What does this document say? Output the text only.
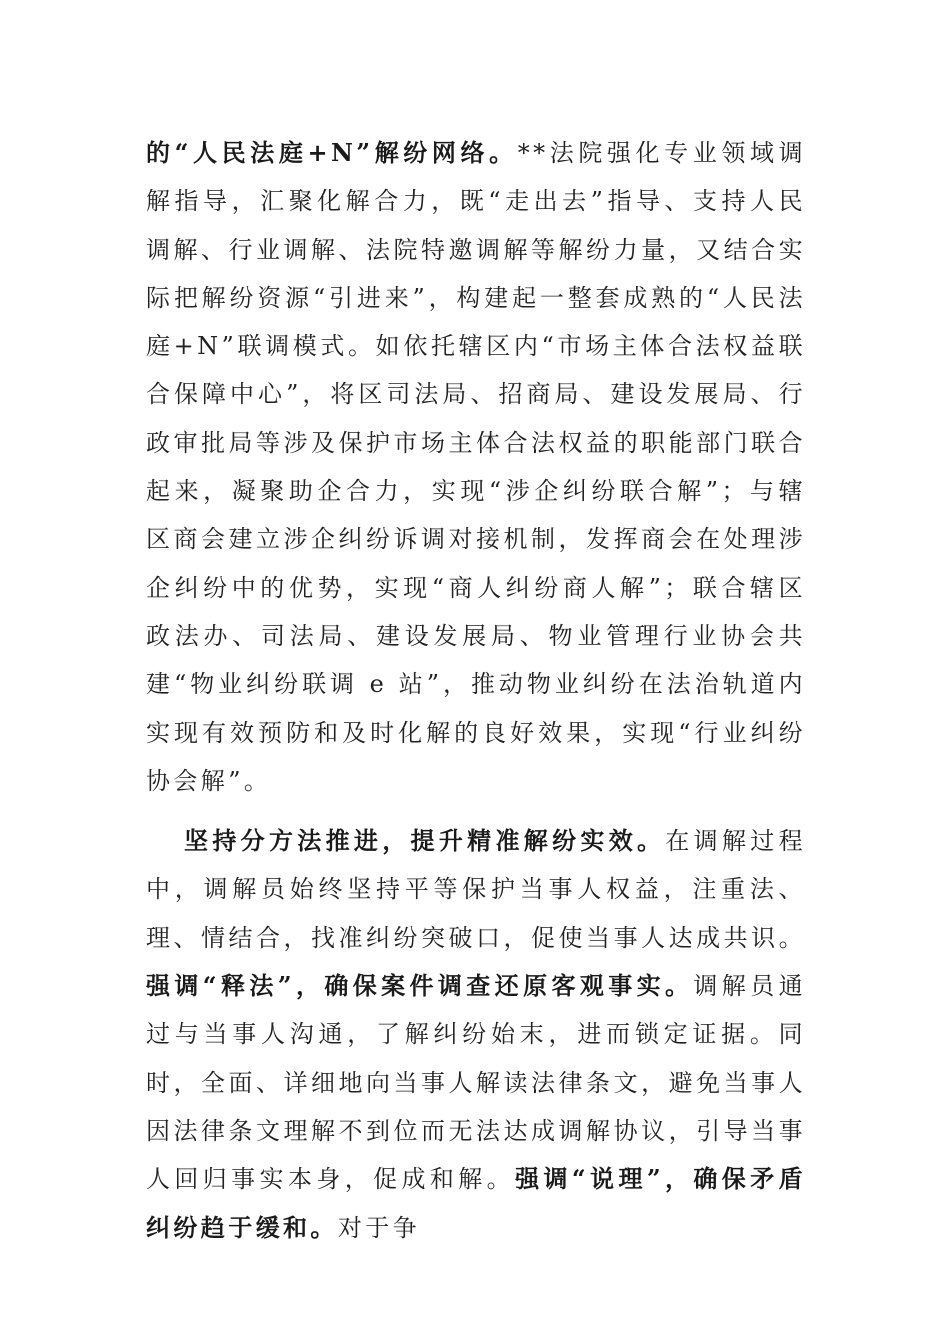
的“人民法庭+N”解纷网络。**法院强化专业领域调解指导，汇聚化解合力，既“走出去”指导、支持人民调解、行业调解、法院特邀调解等解纷力量，又结合实际把解纷资源“引进来”，构建起一整套成熟的“人民法庭+N”联调模式。如依托辖区内“市场主体合法权益联合保障中心”，将区司法局、招商局、建设发展局、行政审批局等涉及保护市场主体合法权益的职能部门联合起来，凝聚助企合力，实现“涉企纠纷联合解”；与辖区商会建立涉企纠纷诉调对接机制，发挥商会在处理涉企纠纷中的优势，实现“商人纠纷商人解”；联合辖区政法办、司法局、建设发展局、物业管理行业协会共建“物业纠纷联调 e 站”，推动物业纠纷在法治轨道内实现有效预防和及时化解的良好效果，实现“行业纠纷协会解”。

坚持分方法推进，提升精准解纷实效。在调解过程中，调解员始终坚持平等保护当事人权益，注重法、理、情结合，找准纠纷突破口，促使当事人达成共识。强调“释法”，确保案件调查还原客观事实。调解员通过与当事人沟通，了解纠纷始末，进而锁定证据。同时，全面、详细地向当事人解读法律条文，避免当事人因法律条文理解不到位而无法达成调解协议，引导当事人回归事实本身，促成和解。强调“说理”，确保矛盾纠纷趋于缓和。对于争
